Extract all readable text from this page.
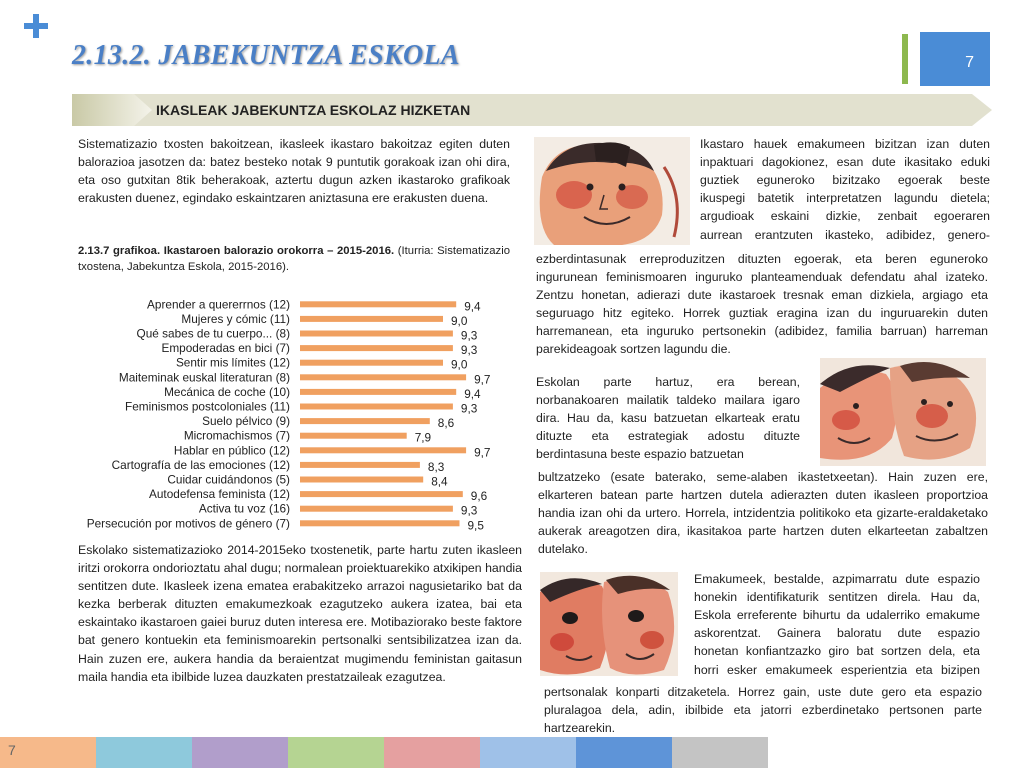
2.13.2. JABEKUNTZA ESKOLA	7
IKASLEAK JABEKUNTZA ESKOLAZ HIZKETAN
Sistematizazio txosten bakoitzean, ikasleek ikastaro bakoitzaz egiten duten balorazioa jasotzen da: batez besteko notak 9 puntutik gorakoak izan ohi dira, eta oso gutxitan 8tik beherakoak, aztertu dugun azken ikastaroko grafikoak erakusten duenez, egindako eskaintzaren aniztasuna ere erakusten duena.
2.13.7 grafikoa. Ikastaroen balorazio orokorra – 2015-2016. (Iturria: Sistematizazio txostena, Jabekuntza Eskola, 2015-2016).
Aprender a quererrnos (12)	9,4
Mujeres y cómic (11)	9,0
Qué sabes de tu cuerpo... (8)	9,3
Empoderadas en bici (7)	9,3
Sentir mis límites (12)	9,0
Maiteminak euskal literaturan (8)	9,7
Mecánica de coche (10)	9,4
Feminismos postcoloniales (11)	9,3
Suelo pélvico (9)	8,6
Micromachismos (7)	7,9
Hablar en público (12)	9,7
Cartografía de las emociones (12)	8,3
Cuidar cuidándonos (5)	8,4
Autodefensa feminista (12)	9,6
Activa tu voz (16)	9,3
Persecución por motivos de género (7)	9,5
Eskolako sistematizazioko 2014-2015eko txostenetik, parte hartu zuten ikasleen iritzi orokorra ondorioztatu ahal dugu; normalean proiektuarekiko atxikipen handia sentitzen dute. Ikasleek izena ematea erabakitzeko arrazoi nagusietariko bat da kezka berberak dituzten emakumezkoak ezagutzeko aukera izatea, bai eta eskaintako ikastaroen gaiei buruz duten interesa ere. Motibaziorako beste faktore bat genero kontuekin eta feminismoarekin pertsonalki sentsibilizatzea izan da. Hain zuzen ere, aukera handia da beraientzat mugimendu feministan gaitasun maila handia eta ibilbide luzea dauzkaten prestatzaileak ezagutzea.
Ikastaro hauek emakumeen bizitzan izan duten
inpaktuari dagokionez, esan dute ikasitako eduki
guztiek eguneroko bizitzako egoerak beste
ikuspegi batetik interpretatzen lagundu dietela;
argudioak eskaini dizkie, zenbait egoeraren
aurrean erantzuten ikasteko, adibidez, genero-
ezberdintasunak erreproduzitzen dituzten egoerak, eta beren eguneroko ingurunean feminismoaren inguruko planteamenduak defendatu ahal izateko. Zentzu honetan, adierazi dute ikastaroek tresnak eman dizkiela, argiago eta seguruago hitz egiteko. Horrek guztiak eragina izan du inguruarekin duten harremanean, eta inguruko pertsonekin (adibidez, familia barruan) harreman parekideagoak sortzen lagundu die.
Eskolan parte hartuz, era berean,
norbanakoaren mailatik taldeko mailara igaro
dira. Hau da, kasu batzuetan elkarteak eratu
dituzte eta estrategiak adostu dituzte
berdintasuna beste espazio batzuetan
bultzatzeko (esate baterako, seme-alaben ikastetxeetan). Hain zuzen ere, elkarteren batean parte hartzen dutela adierazten duten ikasleen proportzioa handia izan ohi da urtero. Horrela, intzidentzia politikoko eta gizarte-eraldaketako aukerak areagotzen dira, ikasitakoa parte hartzen duten elkarteetan zabaltzen dutelako.
Emakumeek, bestalde, azpimarratu dute espazio
honekin identifikaturik sentitzen direla. Hau da,
Eskola erreferente bihurtu da udalerriko emakume
askorentzat. Gainera baloratu dute espazio
honetan konfiantzazko giro bat sortzen dela, eta
horri esker emakumeek esperientzia eta bizipen
pertsonalak konparti ditzaketela. Horrez gain, uste dute gero eta espazio pluralagoa dela, adin, ibilbide eta jatorri ezberdinetako pertsonen parte hartzearekin.
7
